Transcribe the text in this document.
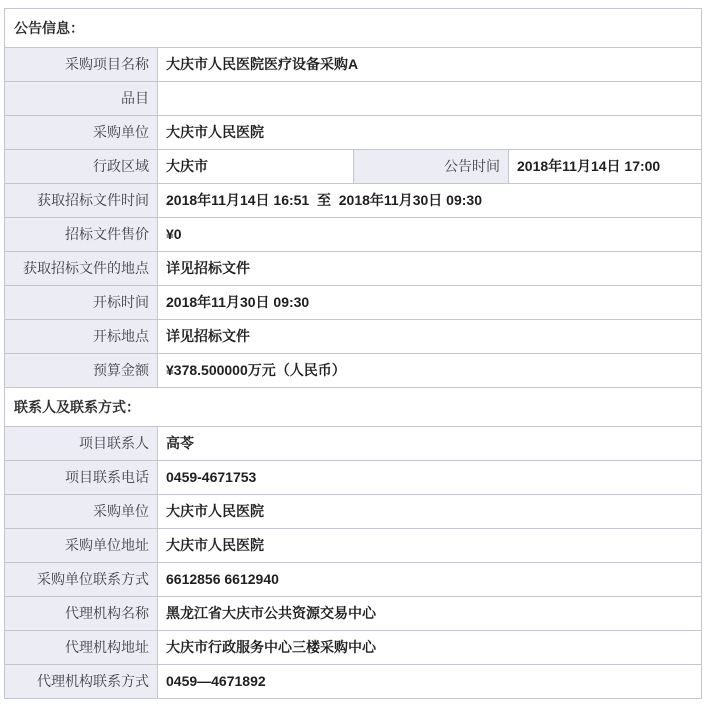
公告信息：			
采购项目名称	大庆市人民医院医疗设备采购A		
品目			
采购单位	大庆市人民医院		
行政区域	大庆市	公告时间	2018年11月14日 17:00
获取招标文件时间	2018年11月14日 16:51  至  2018年11月30日 09:30		
招标文件售价	¥0		
获取招标文件的地点	详见招标文件		
开标时间	2018年11月30日 09:30		
开标地点	详见招标文件		
预算金额	¥378.500000万元（人民币）		
联系人及联系方式：			
项目联系人	高苓		
项目联系电话	0459-4671753		
采购单位	大庆市人民医院		
采购单位地址	大庆市人民医院		
采购单位联系方式	6612856 6612940		
代理机构名称	黑龙江省大庆市公共资源交易中心		
代理机构地址	大庆市行政服务中心三楼采购中心		
代理机构联系方式	0459—4671892		
